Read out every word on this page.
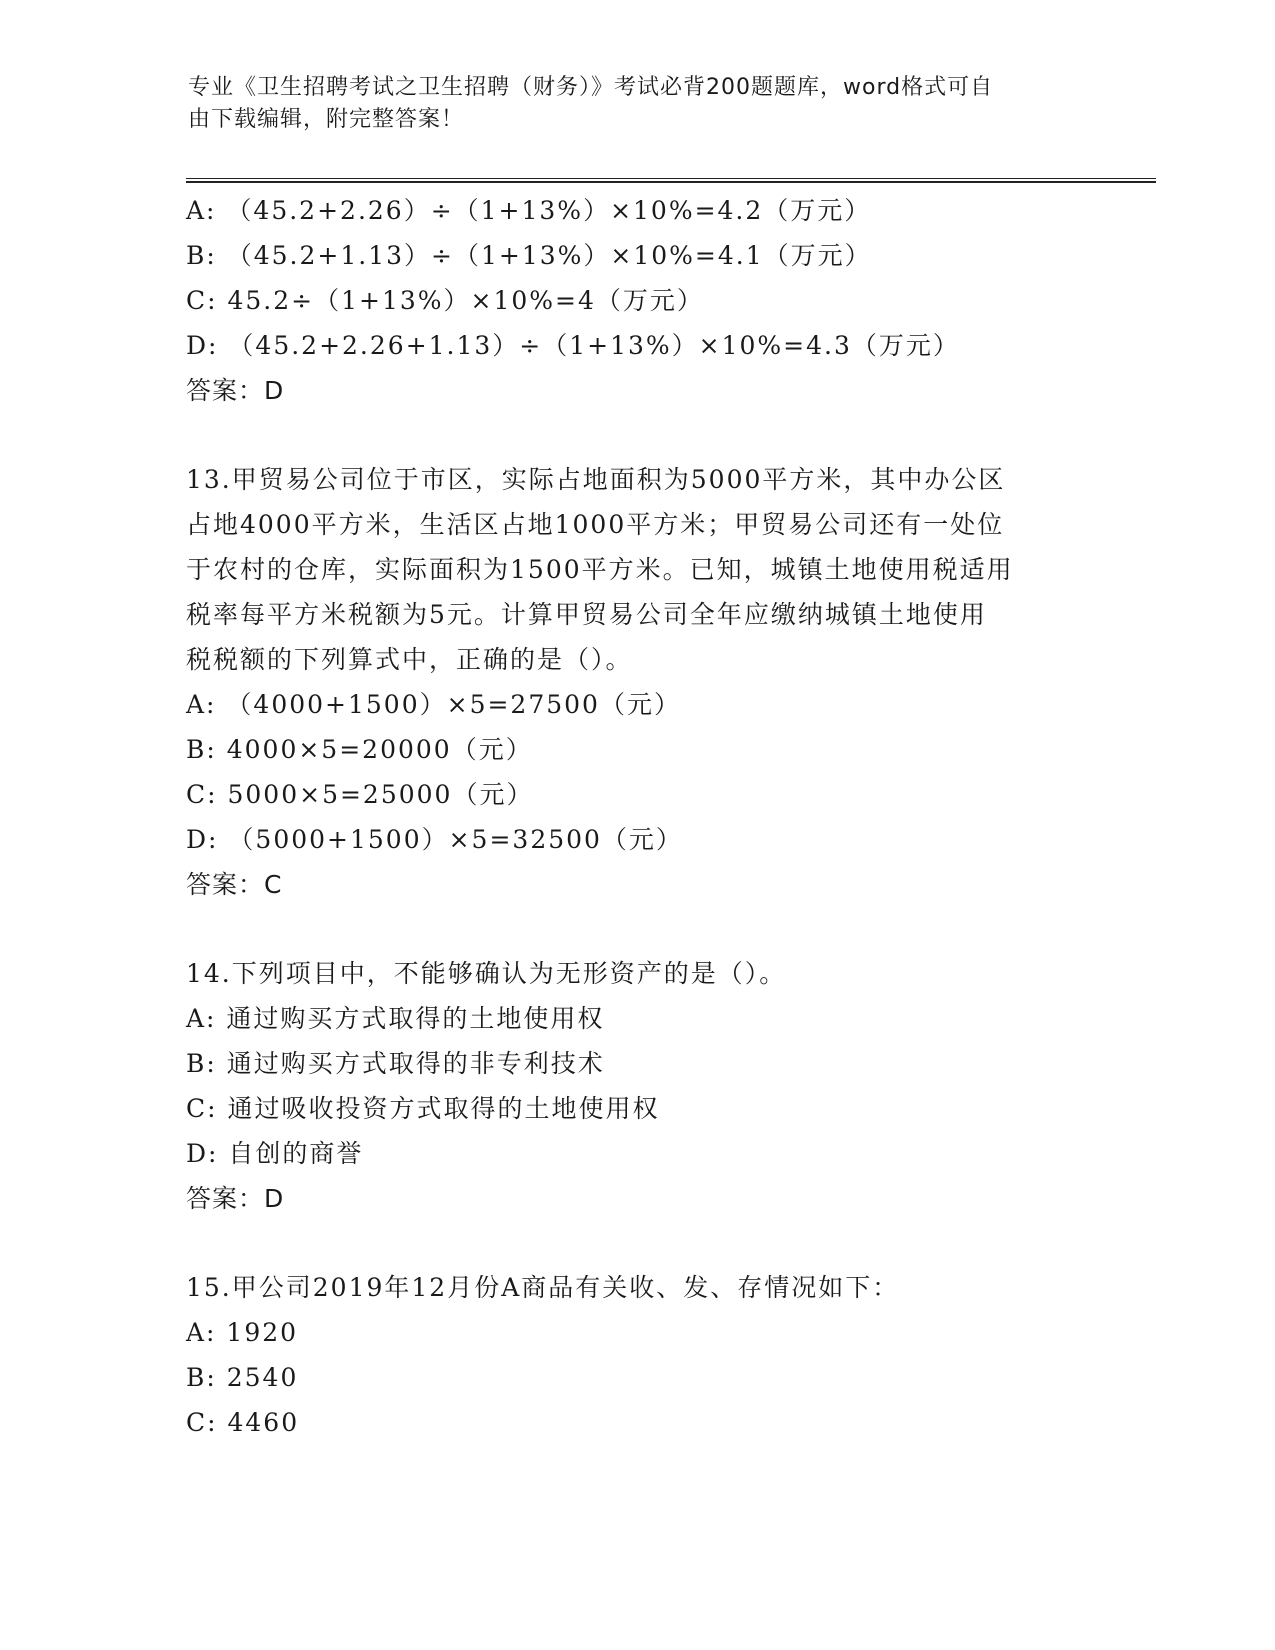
专业《卫生招聘考试之卫生招聘（财务）》考试必背200题题库，word格式可自
由下载编辑，附完整答案！
A: （45.2+2.26）÷（1+13%）×10%=4.2（万元）
B: （45.2+1.13）÷（1+13%）×10%=4.1（万元）
C: 45.2÷（1+13%）×10%=4（万元）
D: （45.2+2.26+1.13）÷（1+13%）×10%=4.3（万元）
答案：D
13.甲贸易公司位于市区，实际占地面积为5000平方米，其中办公区
占地4000平方米，生活区占地1000平方米；甲贸易公司还有一处位
于农村的仓库，实际面积为1500平方米。已知，城镇土地使用税适用
税率每平方米税额为5元。计算甲贸易公司全年应缴纳城镇土地使用
税税额的下列算式中，正确的是（）。
A: （4000+1500）×5=27500（元）
B: 4000×5=20000（元）
C: 5000×5=25000（元）
D: （5000+1500）×5=32500（元）
答案：C
14.下列项目中，不能够确认为无形资产的是（）。
A: 通过购买方式取得的土地使用权
B: 通过购买方式取得的非专利技术
C: 通过吸收投资方式取得的土地使用权
D: 自创的商誉
答案：D
15.甲公司2019年12月份A商品有关收、发、存情况如下：
A: 1920
B: 2540
C: 4460
